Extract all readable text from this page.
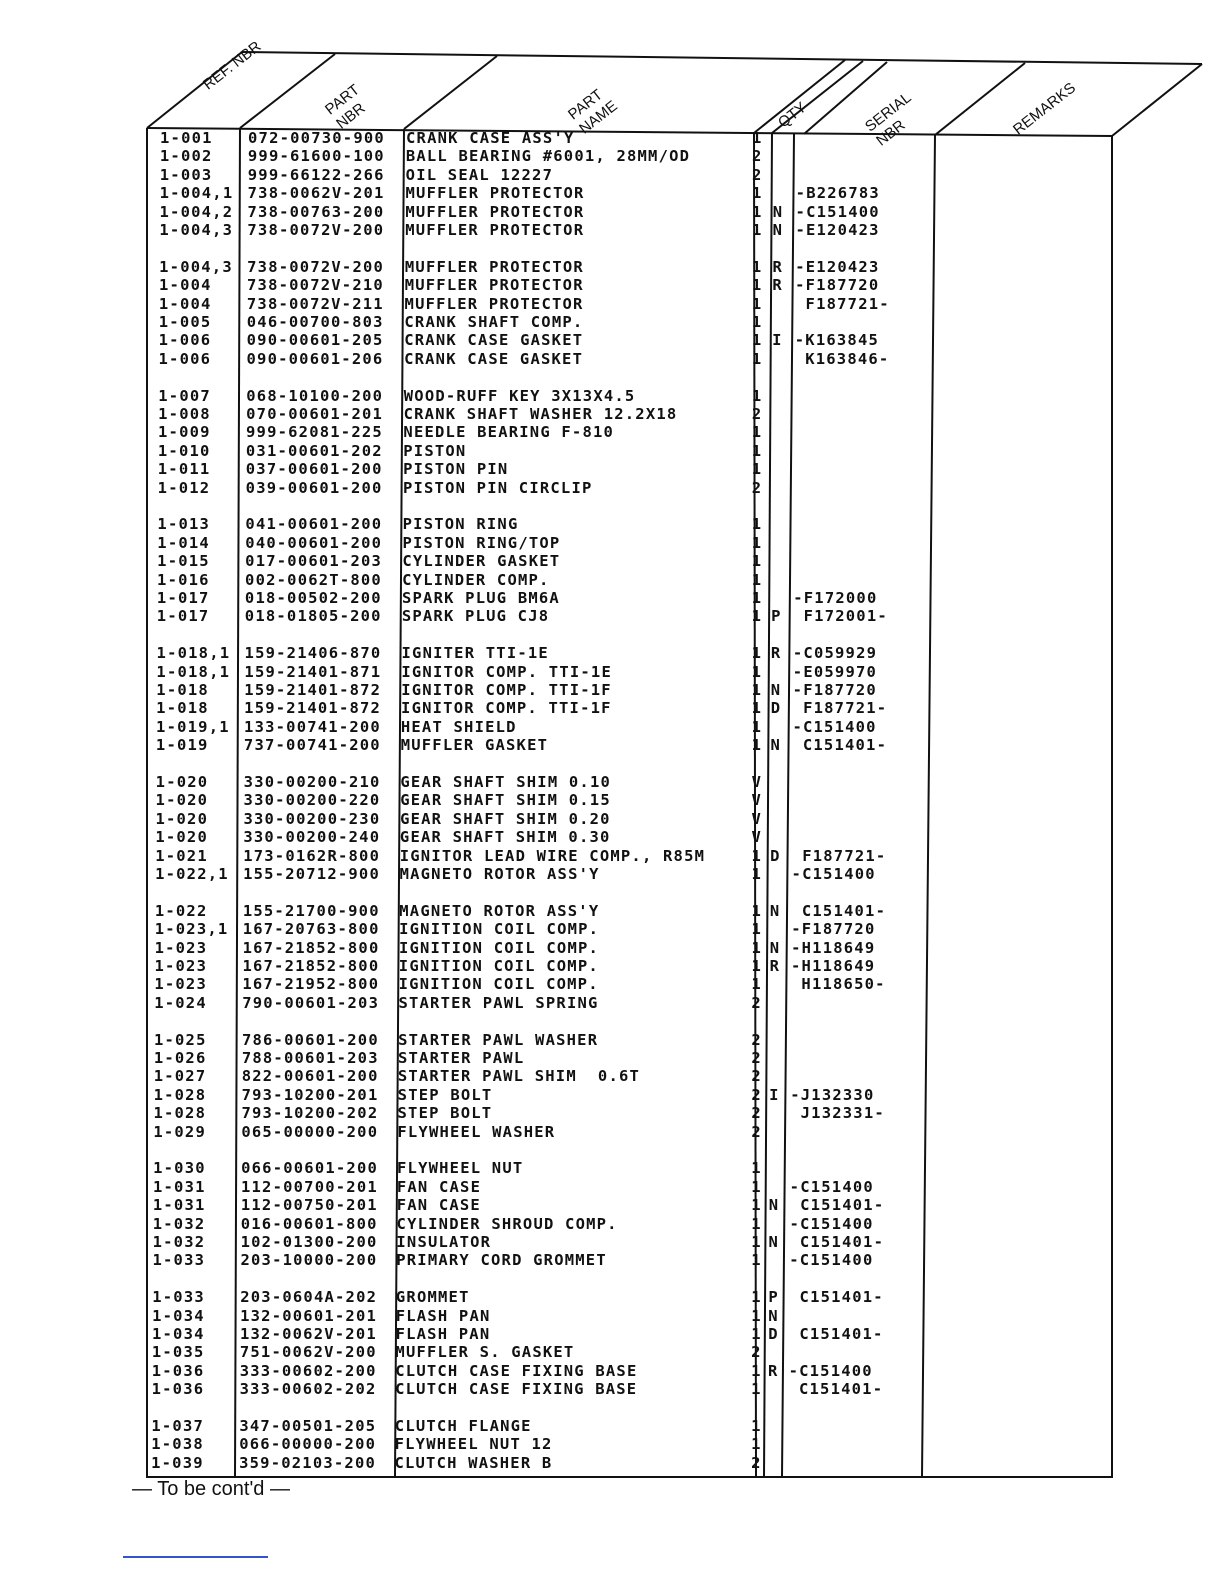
REF. NBR
PART NBR	PART NAME	QTY	SERIAL NBR	REMARKS
1-001 072-00730-900 CRANK CASE ASS'Y	1
1-002 999-61600-100 BALL BEARING #6001, 28MM/OD	2
1-003 999-66122-266 OIL SEAL 12227	2
1-004,1 738-0062V-201 MUFFLER PROTECTOR	1 -B226783
1-004,2 738-00763-200 MUFFLER PROTECTOR	1 N -C151400
1-004,3 738-0072V-200 MUFFLER PROTECTOR	1 N -E120423
1-004,3 738-0072V-200 MUFFLER PROTECTOR	1 R -E120423
1-004 738-0072V-210 MUFFLER PROTECTOR	1 R -F187720
1-004 738-0072V-211 MUFFLER PROTECTOR	1 F187721-
1-005 046-00700-803 CRANK SHAFT COMP.	1
1-006 090-00601-205 CRANK CASE GASKET	1 I -K163845
1-006 090-00601-206 CRANK CASE GASKET	1 K163846-
1-007 068-10100-200 WOOD-RUFF KEY 3X13X4.5	1
1-008 070-00601-201 CRANK SHAFT WASHER 12.2X18	2
1-009 999-62081-225 NEEDLE BEARING F-810	1
1-010 031-00601-202 PISTON	1
1-011 037-00601-200 PISTON PIN	1
1-012 039-00601-200 PISTON PIN CIRCLIP	2
1-013 041-00601-200 PISTON RING	1
1-014 040-00601-200 PISTON RING/TOP	1
1-015 017-00601-203 CYLINDER GASKET	1
1-016 002-0062T-800 CYLINDER COMP.	1
1-017 018-00502-200 SPARK PLUG BM6A	1 -F172000
1-017 018-01805-200 SPARK PLUG CJ8	1 P F172001-
1-018,1 159-21406-870 IGNITER TTI-1E	1 R -C059929
1-018,1 159-21401-871 IGNITOR COMP. TTI-1E	1 -E059970
1-018 159-21401-872 IGNITOR COMP. TTI-1F	1 N -F187720
1-018 159-21401-872 IGNITOR COMP. TTI-1F	1 D F187721-
1-019,1 133-00741-200 HEAT SHIELD	1 -C151400
1-019 737-00741-200 MUFFLER GASKET	1 N C151401-
1-020 330-00200-210 GEAR SHAFT SHIM 0.10	V
1-020 330-00200-220 GEAR SHAFT SHIM 0.15	V
1-020 330-00200-230 GEAR SHAFT SHIM 0.20	V
1-020 330-00200-240 GEAR SHAFT SHIM 0.30	V
1-021 173-0162R-800 IGNITOR LEAD WIRE COMP., R85M	1 D F187721-
1-022,1 155-20712-900 MAGNETO ROTOR ASS'Y	1 -C151400
1-022 155-21700-900 MAGNETO ROTOR ASS'Y	1 N C151401-
1-023,1 167-20763-800 IGNITION COIL COMP.	1 -F187720
1-023 167-21852-800 IGNITION COIL COMP.	1 N -H118649
1-023 167-21852-800 IGNITION COIL COMP.	1 R -H118649
1-023 167-21952-800 IGNITION COIL COMP.	1 H118650-
1-024 790-00601-203 STARTER PAWL SPRING	2
1-025 786-00601-200 STARTER PAWL WASHER	2
1-026 788-00601-203 STARTER PAWL	2
1-027 822-00601-200 STARTER PAWL SHIM  0.6T	2
1-028 793-10200-201 STEP BOLT	2 I -J132330
1-028 793-10200-202 STEP BOLT	2 J132331-
1-029 065-00000-200 FLYWHEEL WASHER	2
1-030 066-00601-200 FLYWHEEL NUT	1
1-031 112-00700-201 FAN CASE	1 -C151400
1-031 112-00750-201 FAN CASE	1 N C151401-
1-032 016-00601-800 CYLINDER SHROUD COMP.	1 -C151400
1-032 102-01300-200 INSULATOR	1 N C151401-
1-033 203-10000-200 PRIMARY CORD GROMMET	1 -C151400
1-033 203-0604A-202 GROMMET	1 P C151401-
1-034 132-00601-201 FLASH PAN	1 N
1-034 132-0062V-201 FLASH PAN	1 D C151401-
1-035 751-0062V-200 MUFFLER S. GASKET	2
1-036 333-00602-200 CLUTCH CASE FIXING BASE	1 R -C151400
1-036 333-00602-202 CLUTCH CASE FIXING BASE	1 C151401-
1-037 347-00501-205 CLUTCH FLANGE	1
1-038 066-00000-200 FLYWHEEL NUT 12	1
1-039 359-02103-200 CLUTCH WASHER B	2
— To be cont'd —
